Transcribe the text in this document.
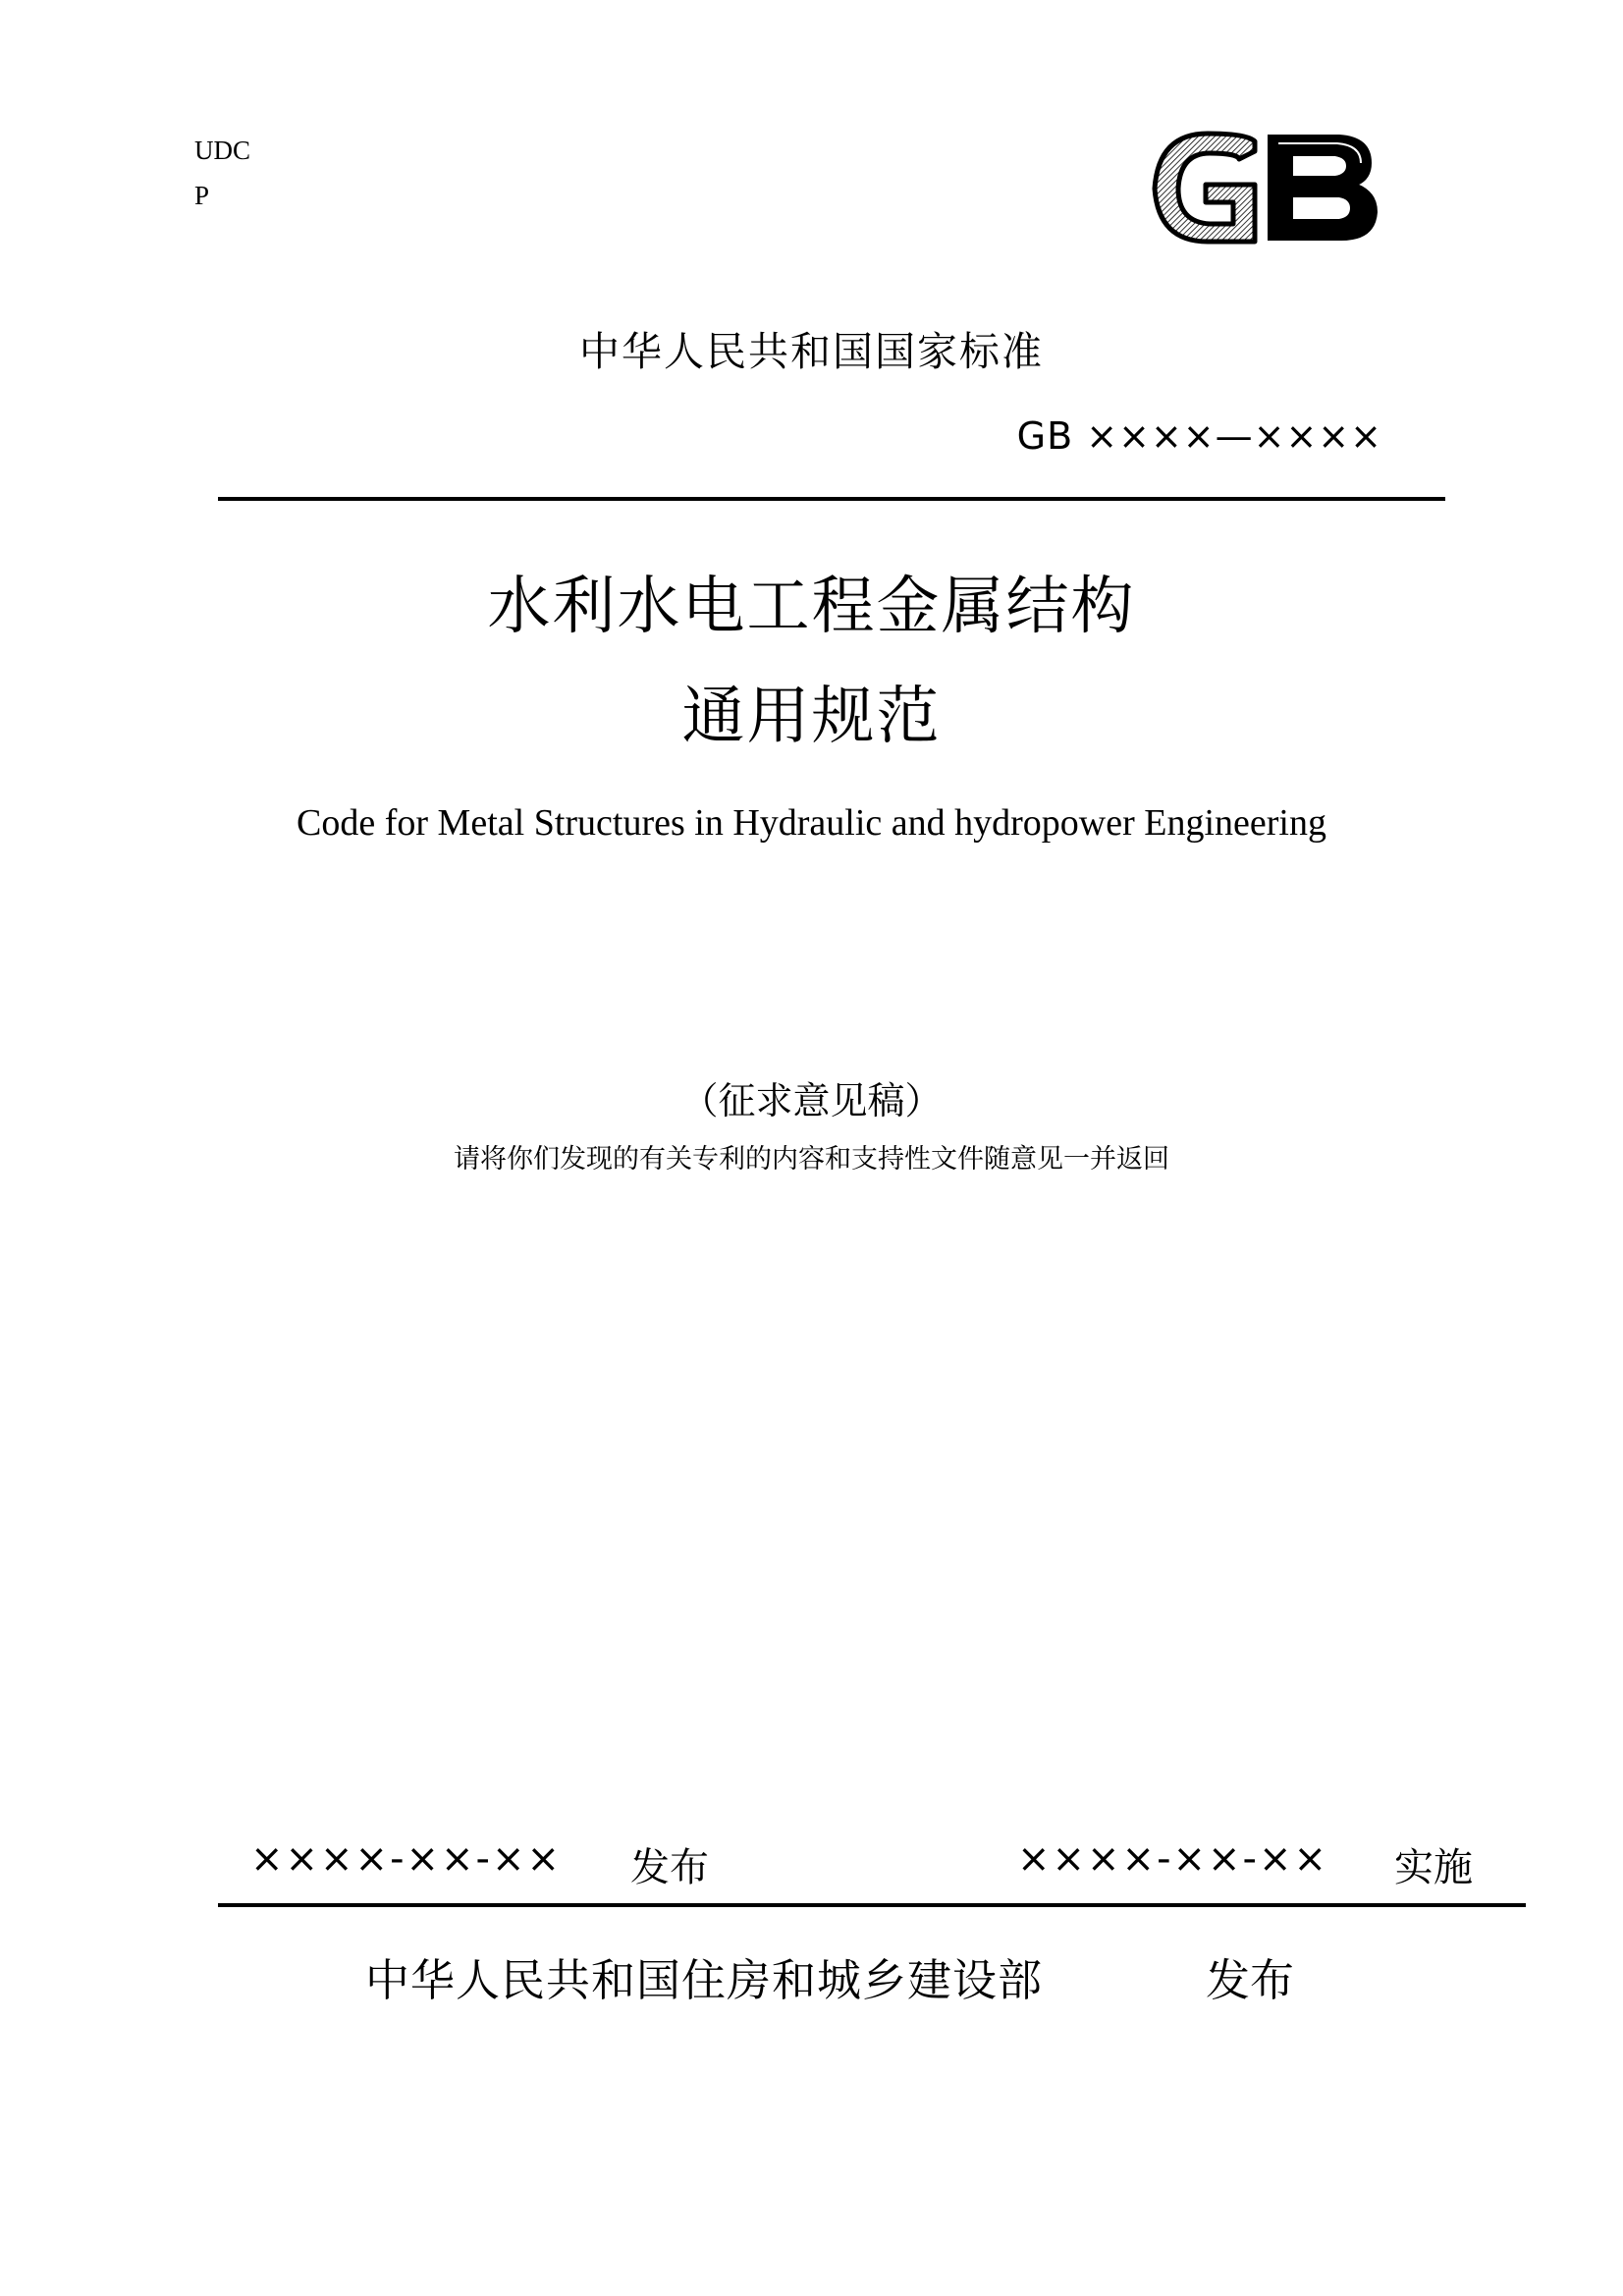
UDC
P
中华人民共和国国家标准
GB ××××—××××
水利水电工程金属结构
通用规范
Code for Metal Structures in Hydraulic and hydropower Engineering
（征求意见稿）
请将你们发现的有关专利的内容和支持性文件随意见一并返回
××××-××-×× 发布	××××-××-×× 实施
中华人民共和国住房和城乡建设部	发布
